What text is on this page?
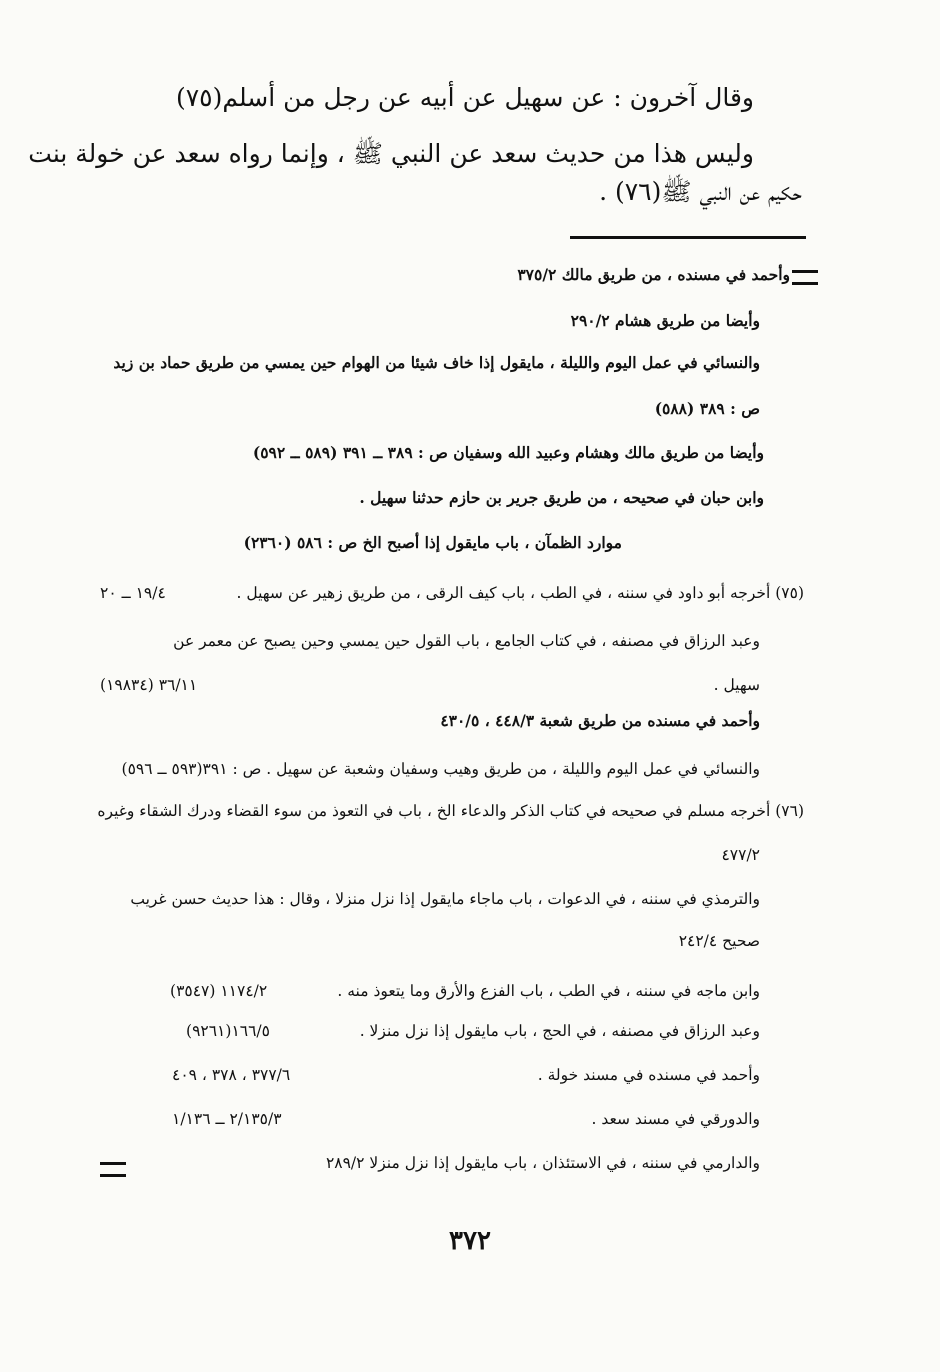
وقال آخرون : عن سهيل عن أبيه عن رجل من أسلم(٧٥)

وليس هذا من حديث سعد عن النبي ﷺ ، وإنما رواه سعد عن خولة بنت

حكيم عن النبي ﷺ(٧٦) .

وأحمد في مسنده ، من طريق مالك ٣٧٥/٢

وأيضا من طريق هشام ٢٩٠/٢

والنسائي في عمل اليوم والليلة ، مايقول إذا خاف شيئا من الهوام حين يمسي من طريق حماد بن زيد

ص : ٣٨٩ (٥٨٨)

وأيضا من طريق مالك وهشام وعبيد الله وسفيان ص : ٣٨٩ ــ ٣٩١ (٥٨٩ ــ ٥٩٢)

وابن حبان في صحيحه ، من طريق جرير بن حازم حدثنا سهيل .

موارد الظمآن ، باب مايقول إذا أصبح الخ ص : ٥٨٦ (٢٣٦٠)

(٧٥) أخرجه أبو داود في سننه ، في الطب ، باب كيف الرقى ، من طريق زهير عن سهيل .

١٩/٤ ــ ٢٠

وعبد الرزاق في مصنفه ، في كتاب الجامع ، باب القول حين يمسي وحين يصبح عن معمر عن

سهيل .

٣٦/١١ (١٩٨٣٤)

وأحمد في مسنده من طريق شعبة ٤٤٨/٣ ، ٤٣٠/٥

والنسائي في عمل اليوم والليلة ، من طريق وهيب وسفيان وشعبة عن سهيل . ص : ٣٩١(٥٩٣ ــ ٥٩٦)

(٧٦) أخرجه مسلم في صحيحه في كتاب الذكر والدعاء الخ ، باب في التعوذ من سوء القضاء ودرك الشقاء وغيره

٤٧٧/٢

والترمذي في سننه ، في الدعوات ، باب ماجاء مايقول إذا نزل منزلا ، وقال : هذا حديث حسن غريب

صحيح ٢٤٢/٤

وابن ماجه في سننه ، في الطب ، باب الفزع والأرق وما يتعوذ منه .

١١٧٤/٢ (٣٥٤٧)

وعبد الرزاق في مصنفه ، في الحج ، باب مايقول إذا نزل منزلا .

١٦٦/٥(٩٢٦١)

وأحمد في مسنده في مسند خولة .

٣٧٧/٦ ، ٣٧٨ ، ٤٠٩

والدورقي في مسند سعد .

٢/١٣٥/٣ ــ ١/١٣٦

والدارمي في سننه ، في الاستئذان ، باب مايقول إذا نزل منزلا ٢٨٩/٢

٣٧٢
